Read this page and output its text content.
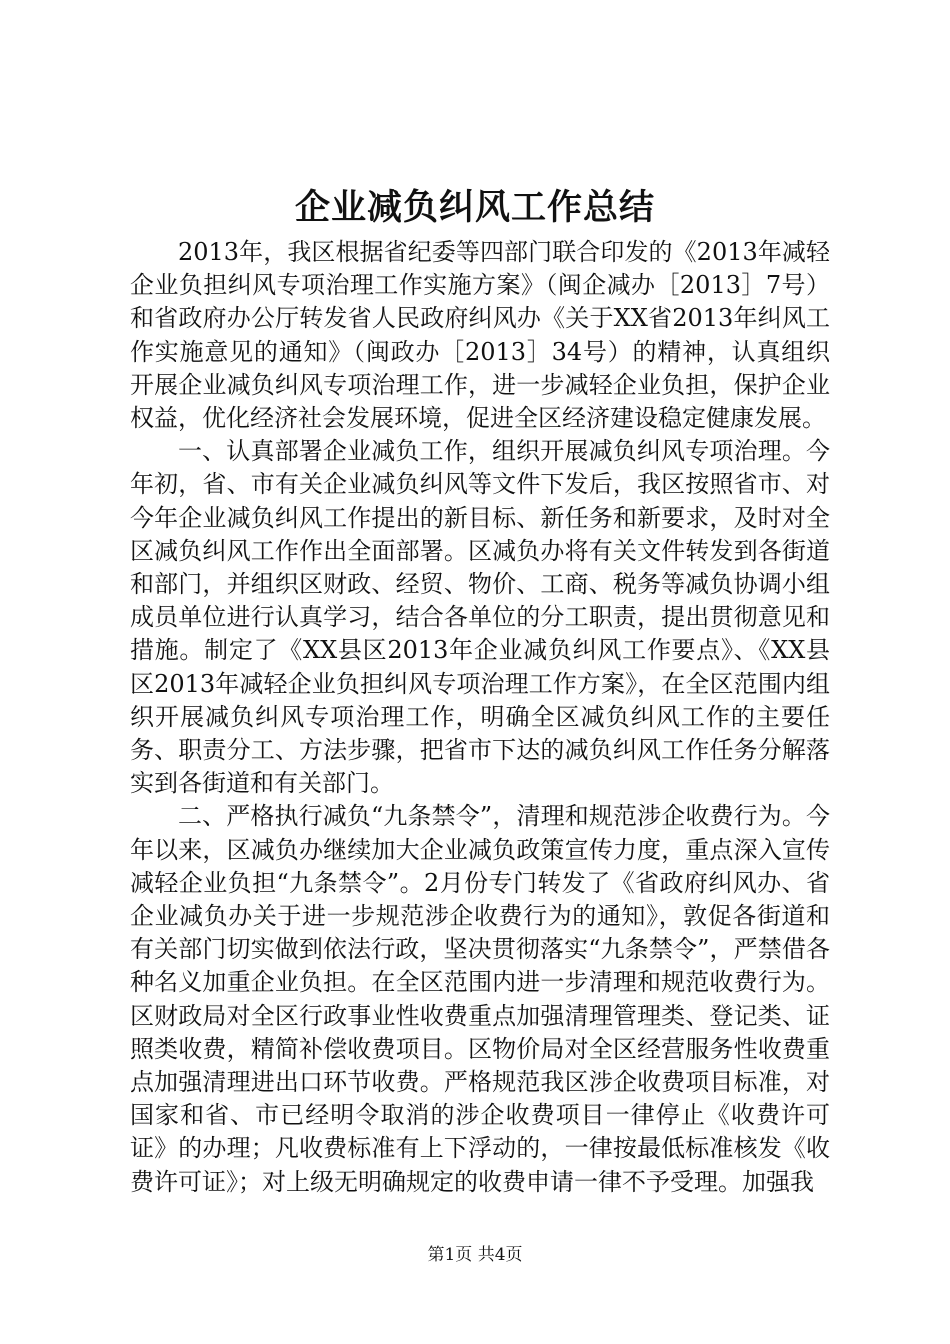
企业减负纠风工作总结

2013年，我区根据省纪委等四部门联合印发的《2013年减轻企业负担纠风专项治理工作实施方案》（闽企减办［2013］7号）和省政府办公厅转发省人民政府纠风办《关于XX省2013年纠风工作实施意见的通知》（闽政办［2013］34号）的精神，认真组织开展企业减负纠风专项治理工作，进一步减轻企业负担，保护企业权益，优化经济社会发展环境，促进全区经济建设稳定健康发展。

一、认真部署企业减负工作，组织开展减负纠风专项治理。今年初，省、市有关企业减负纠风等文件下发后，我区按照省市、对今年企业减负纠风工作提出的新目标、新任务和新要求，及时对全区减负纠风工作作出全面部署。区减负办将有关文件转发到各街道和部门，并组织区财政、经贸、物价、工商、税务等减负协调小组成员单位进行认真学习，结合各单位的分工职责，提出贯彻意见和措施。制定了《XX县区2013年企业减负纠风工作要点》、《XX县区2013年减轻企业负担纠风专项治理工作方案》，在全区范围内组织开展减负纠风专项治理工作，明确全区减负纠风工作的主要任务、职责分工、方法步骤，把省市下达的减负纠风工作任务分解落实到各街道和有关部门。

二、严格执行减负“九条禁令”，清理和规范涉企收费行为。今年以来，区减负办继续加大企业减负政策宣传力度，重点深入宣传减轻企业负担“九条禁令”。2月份专门转发了《省政府纠风办、省企业减负办关于进一步规范涉企收费行为的通知》，敦促各街道和有关部门切实做到依法行政，坚决贯彻落实“九条禁令”，严禁借各种名义加重企业负担。在全区范围内进一步清理和规范收费行为。区财政局对全区行政事业性收费重点加强清理管理类、登记类、证照类收费，精简补偿收费项目。区物价局对全区经营服务性收费重点加强清理进出口环节收费。严格规范我区涉企收费项目标准，对国家和省、市已经明令取消的涉企收费项目一律停止《收费许可证》的办理；凡收费标准有上下浮动的，一律按最低标准核发《收费许可证》；对上级无明确规定的收费申请一律不予受理。加强我

第1页 共4页
